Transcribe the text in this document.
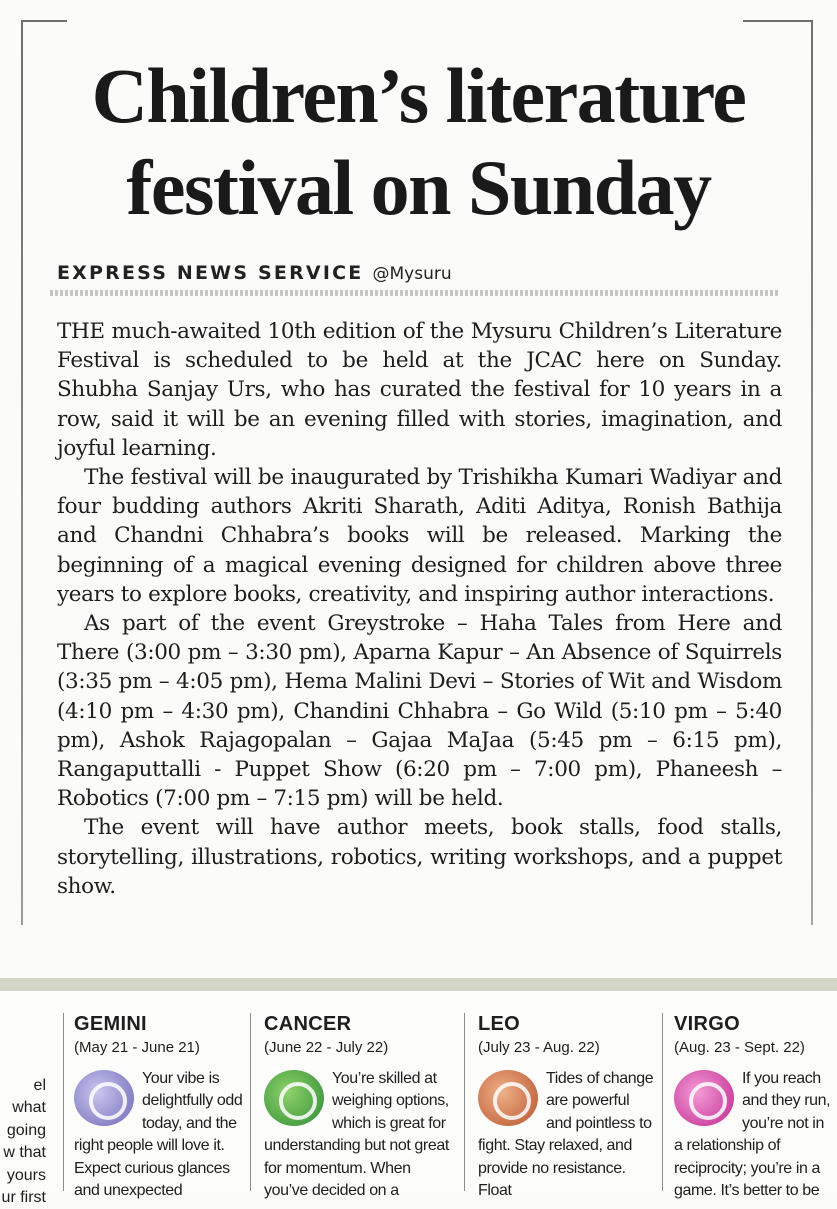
Children’s literature festival on Sunday
EXPRESS NEWS SERVICE @Mysuru

THE much-awaited 10th edition of the Mysuru Children’s Literature Festival is scheduled to be held at the JCAC here on Sunday. Shubha Sanjay Urs, who has curated the festival for 10 years in a row, said it will be an evening filled with stories, imagination, and joyful learning.

The festival will be inaugurated by Trishikha Kumari Wadiyar and four budding authors Akriti Sharath, Aditi Aditya, Ronish Bathija and Chandni Chhabra’s books will be released. Marking the beginning of a magical evening designed for children above three years to explore books, creativity, and inspiring author interactions.

As part of the event Greystroke – Haha Tales from Here and There (3:00 pm – 3:30 pm), Aparna Kapur – An Absence of Squirrels (3:35 pm – 4:05 pm), Hema Malini Devi – Stories of Wit and Wisdom (4:10 pm – 4:30 pm), Chandini Chhabra – Go Wild (5:10 pm – 5:40 pm), Ashok Rajagopalan – Gajaa MaJaa (5:45 pm – 6:15 pm), Rangaputtalli - Puppet Show (6:20 pm – 7:00 pm), Phaneesh – Robotics (7:00 pm – 7:15 pm) will be held.

The event will have author meets, book stalls, food stalls, storytelling, illustrations, robotics, writing workshops, and a puppet show.

el
what
going
w that
yours
ur first
GEMINI
(May 21 - June 21)
Your vibe is delightfully odd today, and the right people will love it. Expect curious glances and unexpected
CANCER
(June 22 - July 22)
You’re skilled at weighing options, which is great for understanding but not great for momentum. When you’ve decided on a
LEO
(July 23 - Aug. 22)
Tides of change are powerful and pointless to fight. Stay relaxed, and provide no resistance. Float
VIRGO
(Aug. 23 - Sept. 22)
If you reach and they run, you’re not in a relationship of reciprocity; you’re in a game. It’s better to be
